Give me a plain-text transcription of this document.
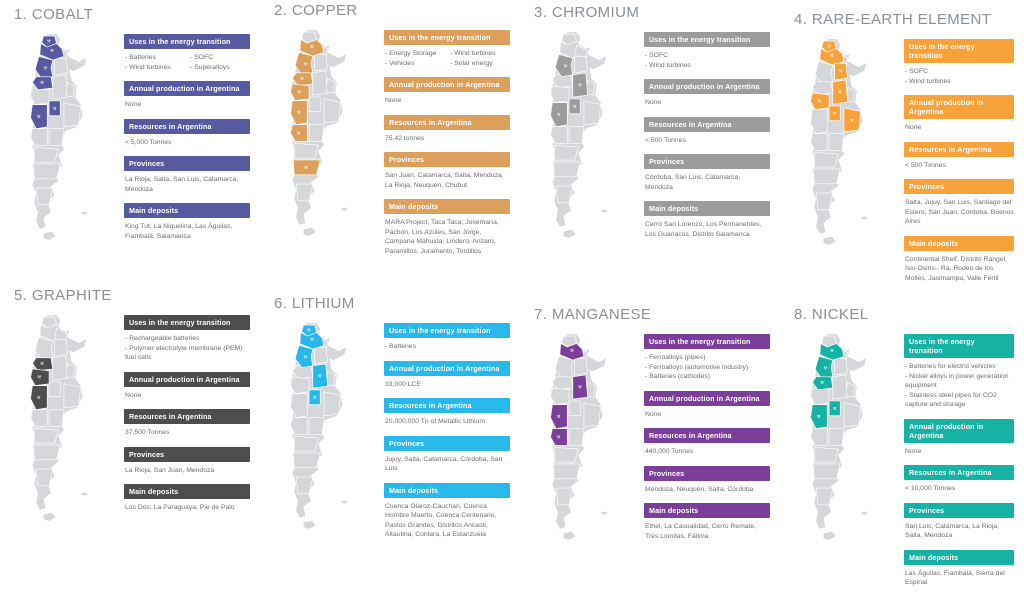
1. COBALT
⚒
⚒
⚒
⚒
⚒
⚒
Uses in the energy transition
- Batteries
- Wind turbines
- SOFC
- Superalloys
Annual production in Argentina
None
Resources in Argentina
< 5,000 Tonnes
Provinces
La Rioja, Salta, San Luis, Catamarca, Mendoza
Main deposits
King Tut, La Niquelina, Las Águilas, Fiambalá, Salamanca
2. COPPER
⚒
⚒
⚒
⚒
⚒
⚒
⚒
Uses in the energy transition
- Energy Storage
- Vehicles
- Wind turbines
- Solar energy
Annual production in Argentina
None
Resources in Argentina
75.42 tonnes
Provinces
San Juan, Catamarca, Salta, Mendoza, La Rioja, Neuquén, Chubut
Main deposits
MARA Project, Taca Taca, Josemaría, Pachón, Los Azules, San Jorge, Campana Mahuida, Lindero, Arizaro, Paramillos, Juramento, Tordillos
3. CHROMIUM
⚒
⚒
⚒
⚒
Uses in the energy transition
- SOFC
- Wind turbines
Annual production in Argentina
None
Resources in Argentina
< 500 Tonnes
Provinces
Córdoba, San Luis, Catamarca, Mendoza
Main deposits
Cerro San Lorenzo, Los Permanentes, Los Guanacos, Distrito Salamanca
4. RARE-EARTH ELEMENT
⚒
⚒
⚒
⚒
⚒
⚒
⚒
Uses in the energy transition
- SOFC
- Wind turbines
Annual production in Argentina
None
Resources in Argentina
< 500 Tonnes
Provinces
Salta, Jujuy, San Luis, Santiago del Estero, San Juan, Córdoba, Buenos Aires
Main deposits
Continental Shelf, Distrito Rangel, Isis-Osiris-, Ra, Rodeo de los Molles, Jasimampa, Valle Fértil
5. GRAPHITE
⚒
⚒
⚒
Uses in the energy transition
- Rechargeable batteries
- Polymer electrolyte membrane (PEM) fuel cells
Annual production in Argentina
None
Resources in Argentina
37,500 Tonnes
Provinces
La Rioja, San Juan, Mendoza
Main deposits
Los Dos, La Paraguaya, Pie de Palo
6. LITHIUM
⚒
⚒
⚒
⚒
⚒
Uses in the energy transition
- Batteries
Annual production in Argentina
33,000 LCE
Resources in Argentina
20,000,000 Tn of Metallic Lithium
Provinces
Jujuy, Salta, Catamarca, Córdoba, San Luis
Main deposits
Cuenca Olaroz-Cauchari, Cuenca Hombre Muerto, Cuenca Centenario, Pastos Grandes, Distritos Ancasti, Altautina, Conlara, La Estanzuela
7. MANGANESE
⚒
⚒
⚒
⚒
Uses in the energy transition
- Ferroalloys (pipes)
- Ferroalloys (automotive industry)
- Batteries (cathodes)
Annual production in Argentina
None
Resources in Argentina
440,000 Tonnes
Provinces
Mendoza, Neuquén, Salta, Córdoba
Main deposits
Ethel, La Casualidad, Cerro Remate, Tres Lomitas, Fátima
8. NICKEL
⚒
⚒
⚒
⚒
⚒
Uses in the energy transition
- Batteries for electric vehicles
- Nickel alloys in power generation equipment
- Stainless steel pipes for CO2 capture and storage
Annual production in Argentina
None
Resources in Argentina
< 10,000 Tonnes
Provinces
San Luis, Catamarca, La Rioja, Salta, Mendoza
Main deposits
Las Águilas, Fiambalá, Sierra del Espinal
